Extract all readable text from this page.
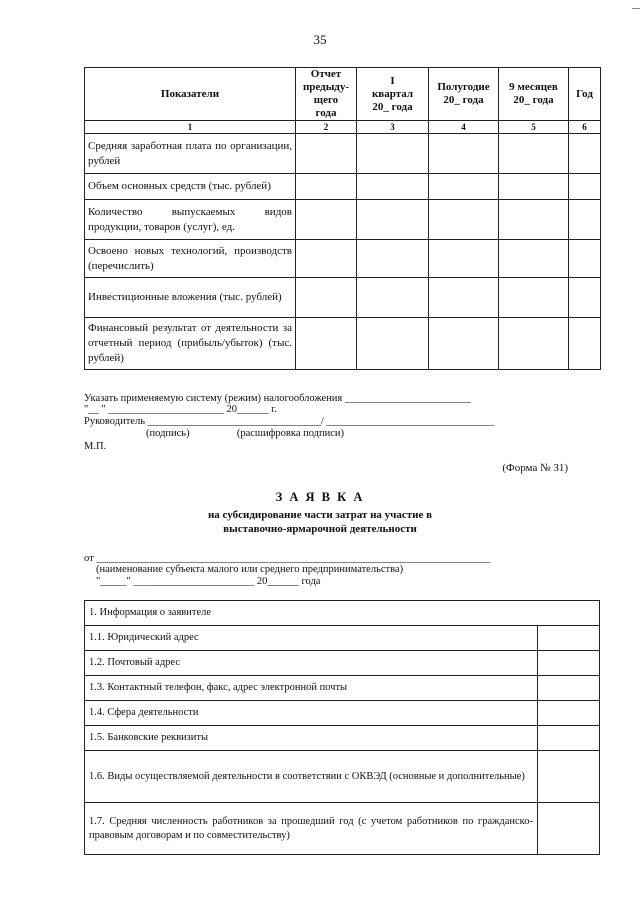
35
Показатели	Отчет предыду-щего года	I квартал 20_ года	Полугодие 20_ года	9 месяцев 20_ года	Год
1	2	3	4	5	6
Средняя заработная плата по организации, рублей					
Объем основных средств (тыс. рублей)					
Количество выпускаемых видов продукции, товаров (услуг), ед.					
Освоено новых технологий, производств (перечислить)					
Инвестиционные вложения (тыс. рублей)					
Финансовый результат от деятельности за отчетный период (прибыль/убыток) (тыс. рублей)					
Указать применяемую систему (режим) налогообложения ________________________
"__ " ______________________ 20______ г.
Руководитель _________________________________/ ________________________________
(подпись)                  (расшифровка подписи)
М.П.
(Форма № 31)
З А Я В К А
на субсидирование части затрат на участие в
выставочно-ярмарочной деятельности
от ___________________________________________________________________________
(наименование субъекта малого или среднего предпринимательства)
"_____" _______________________ 20______ года
1. Информация о заявителе	
1.1. Юридический адрес	
1.2. Почтовый адрес	
1.3. Контактный телефон, факс, адрес электронной почты	
1.4. Сфера деятельности	
1.5. Банковские реквизиты	
1.6. Виды осуществляемой деятельности в соответствии с ОКВЭД (основные и дополнительные)	
1.7. Средняя численность работников за прошедший год (с учетом работников по гражданско-правовым договорам и по совместительству)	
